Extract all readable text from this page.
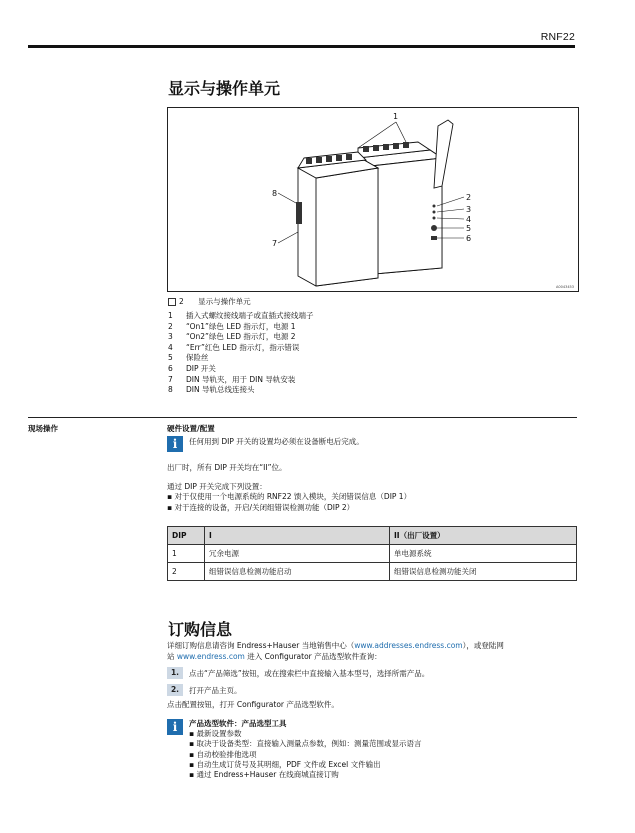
RNF22
显示与操作单元
1
2
3
4
5
6
8
7
A0043453
2 显示与操作单元
1	插入式螺纹接线端子或直插式接线端子
2	“On1”绿色 LED 指示灯，电源 1
3	“On2”绿色 LED 指示灯，电源 2
4	“Err”红色 LED 指示灯，指示错误
5	保险丝
6	DIP 开关
7	DIN 导轨夹，用于 DIN 导轨安装
8	DIN 导轨总线连接头
现场操作	硬件设置/配置
i	任何用到 DIP 开关的设置均必须在设备断电后完成。
出厂时，所有 DIP 开关均在“II”位。
通过 DIP 开关完成下列设置：
▪ 对于仅使用一个电源系统的 RNF22 馈入模块，关闭错误信息（DIP 1）
▪ 对于连接的设备，开启/关闭组错误检测功能（DIP 2）
DIP	I	II（出厂设置）
1	冗余电源	单电源系统
2	组错误信息检测功能启动	组错误信息检测功能关闭
订购信息
详细订购信息请咨询 Endress+Hauser 当地销售中心（www.addresses.endress.com），或登陆网
站 www.endress.com 进入 Configurator 产品选型软件查询：
1.	点击“产品筛选”按钮，或在搜索栏中直接输入基本型号，选择所需产品。
2.	打开产品主页。
点击配置按钮，打开 Configurator 产品选型软件。
i	产品选型软件：产品选型工具
▪ 最新设置参数
▪ 取决于设备类型：直接输入测量点参数，例如：测量范围或显示语言
▪ 自动校验排他选项
▪ 自动生成订货号及其明细，PDF 文件或 Excel 文件输出
▪ 通过 Endress+Hauser 在线商城直接订购
